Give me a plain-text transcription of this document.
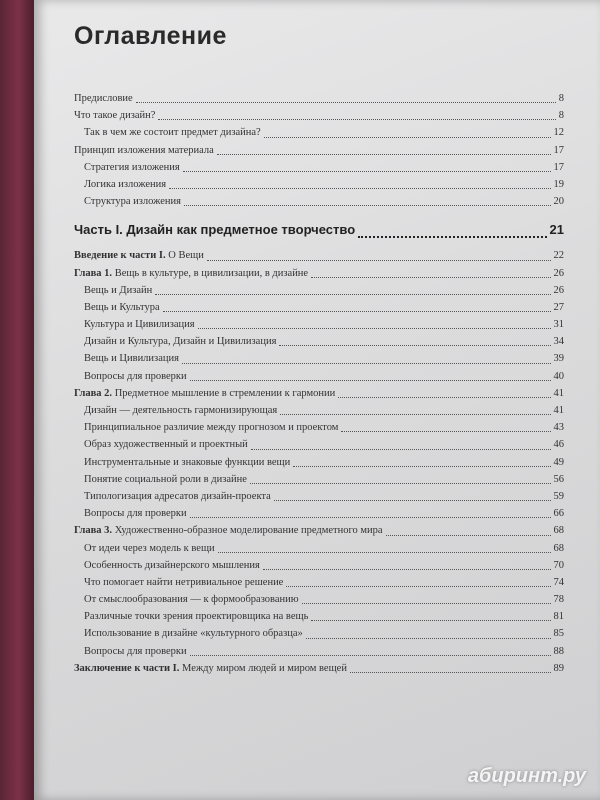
Оглавление
Предисловие	8
Что такое дизайн?	8
Так в чем же состоит предмет дизайна?	12
Принцип изложения материала	17
Стратегия изложения	17
Логика изложения	19
Структура изложения	20
Часть I. Дизайн как предметное творчество	21
Введение к части I. О Вещи	22
Глава 1. Вещь в культуре, в цивилизации, в дизайне	26
Вещь и Дизайн	26
Вещь и Культура	27
Культура и Цивилизация	31
Дизайн и Культура, Дизайн и Цивилизация	34
Вещь и Цивилизация	39
Вопросы для проверки	40
Глава 2. Предметное мышление в стремлении к гармонии	41
Дизайн — деятельность гармонизирующая	41
Принципиальное различие между прогнозом и проектом	43
Образ художественный и проектный	46
Инструментальные и знаковые функции вещи	49
Понятие социальной роли в дизайне	56
Типологизация адресатов дизайн-проекта	59
Вопросы для проверки	66
Глава 3. Художественно-образное моделирование предметного мира	68
От идеи через модель к вещи	68
Особенность дизайнерского мышления	70
Что помогает найти нетривиальное решение	74
От смыслообразования — к формообразованию	78
Различные точки зрения проектировщика на вещь	81
Использование в дизайне «культурного образца»	85
Вопросы для проверки	88
Заключение к части I. Между миром людей и миром вещей	89
абиринт.ру
